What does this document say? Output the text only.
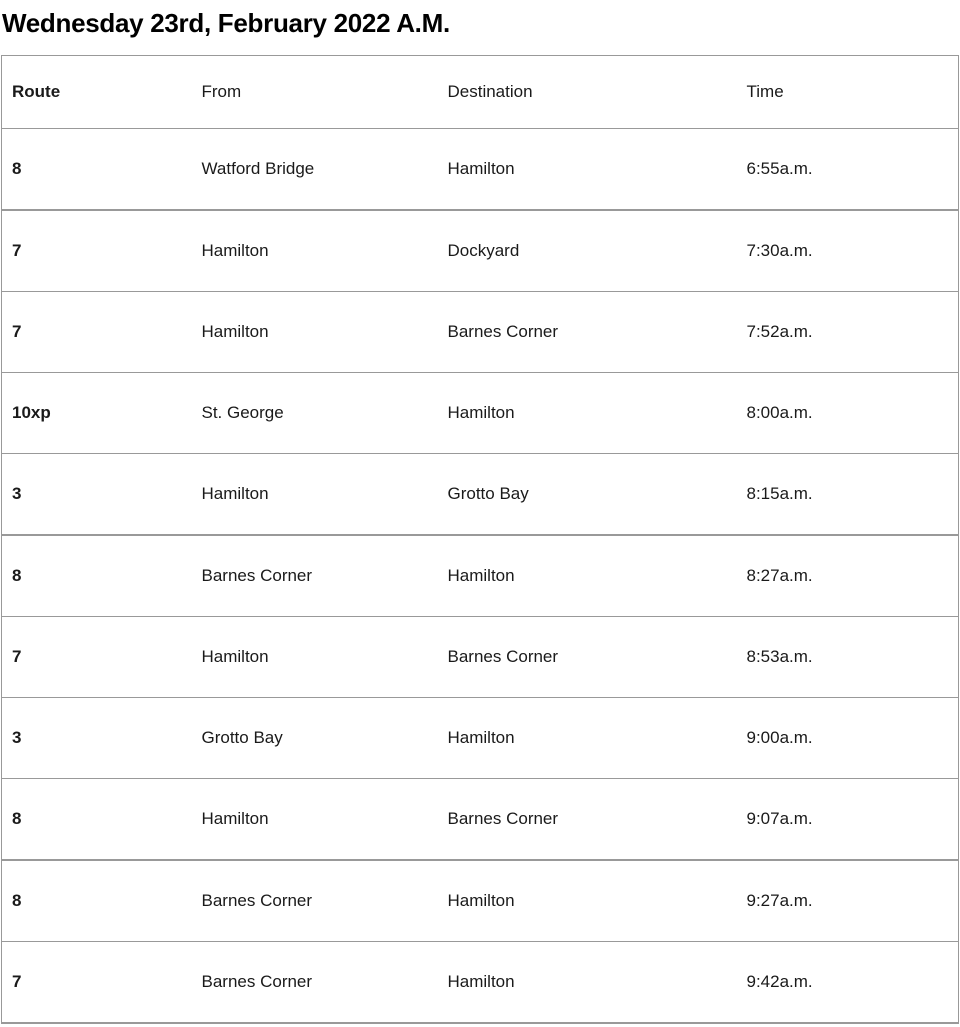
Wednesday 23rd, February 2022 A.M.
Route	From	Destination	Time
8	Watford Bridge	Hamilton	6:55a.m.
7	Hamilton	Dockyard	7:30a.m.
7	Hamilton	Barnes Corner	7:52a.m.
10xp	St. George	Hamilton	8:00a.m.
3	Hamilton	Grotto Bay	8:15a.m.
8	Barnes Corner	Hamilton	8:27a.m.
7	Hamilton	Barnes Corner	8:53a.m.
3	Grotto Bay	Hamilton	9:00a.m.
8	Hamilton	Barnes Corner	9:07a.m.
8	Barnes Corner	Hamilton	9:27a.m.
7	Barnes Corner	Hamilton	9:42a.m.
